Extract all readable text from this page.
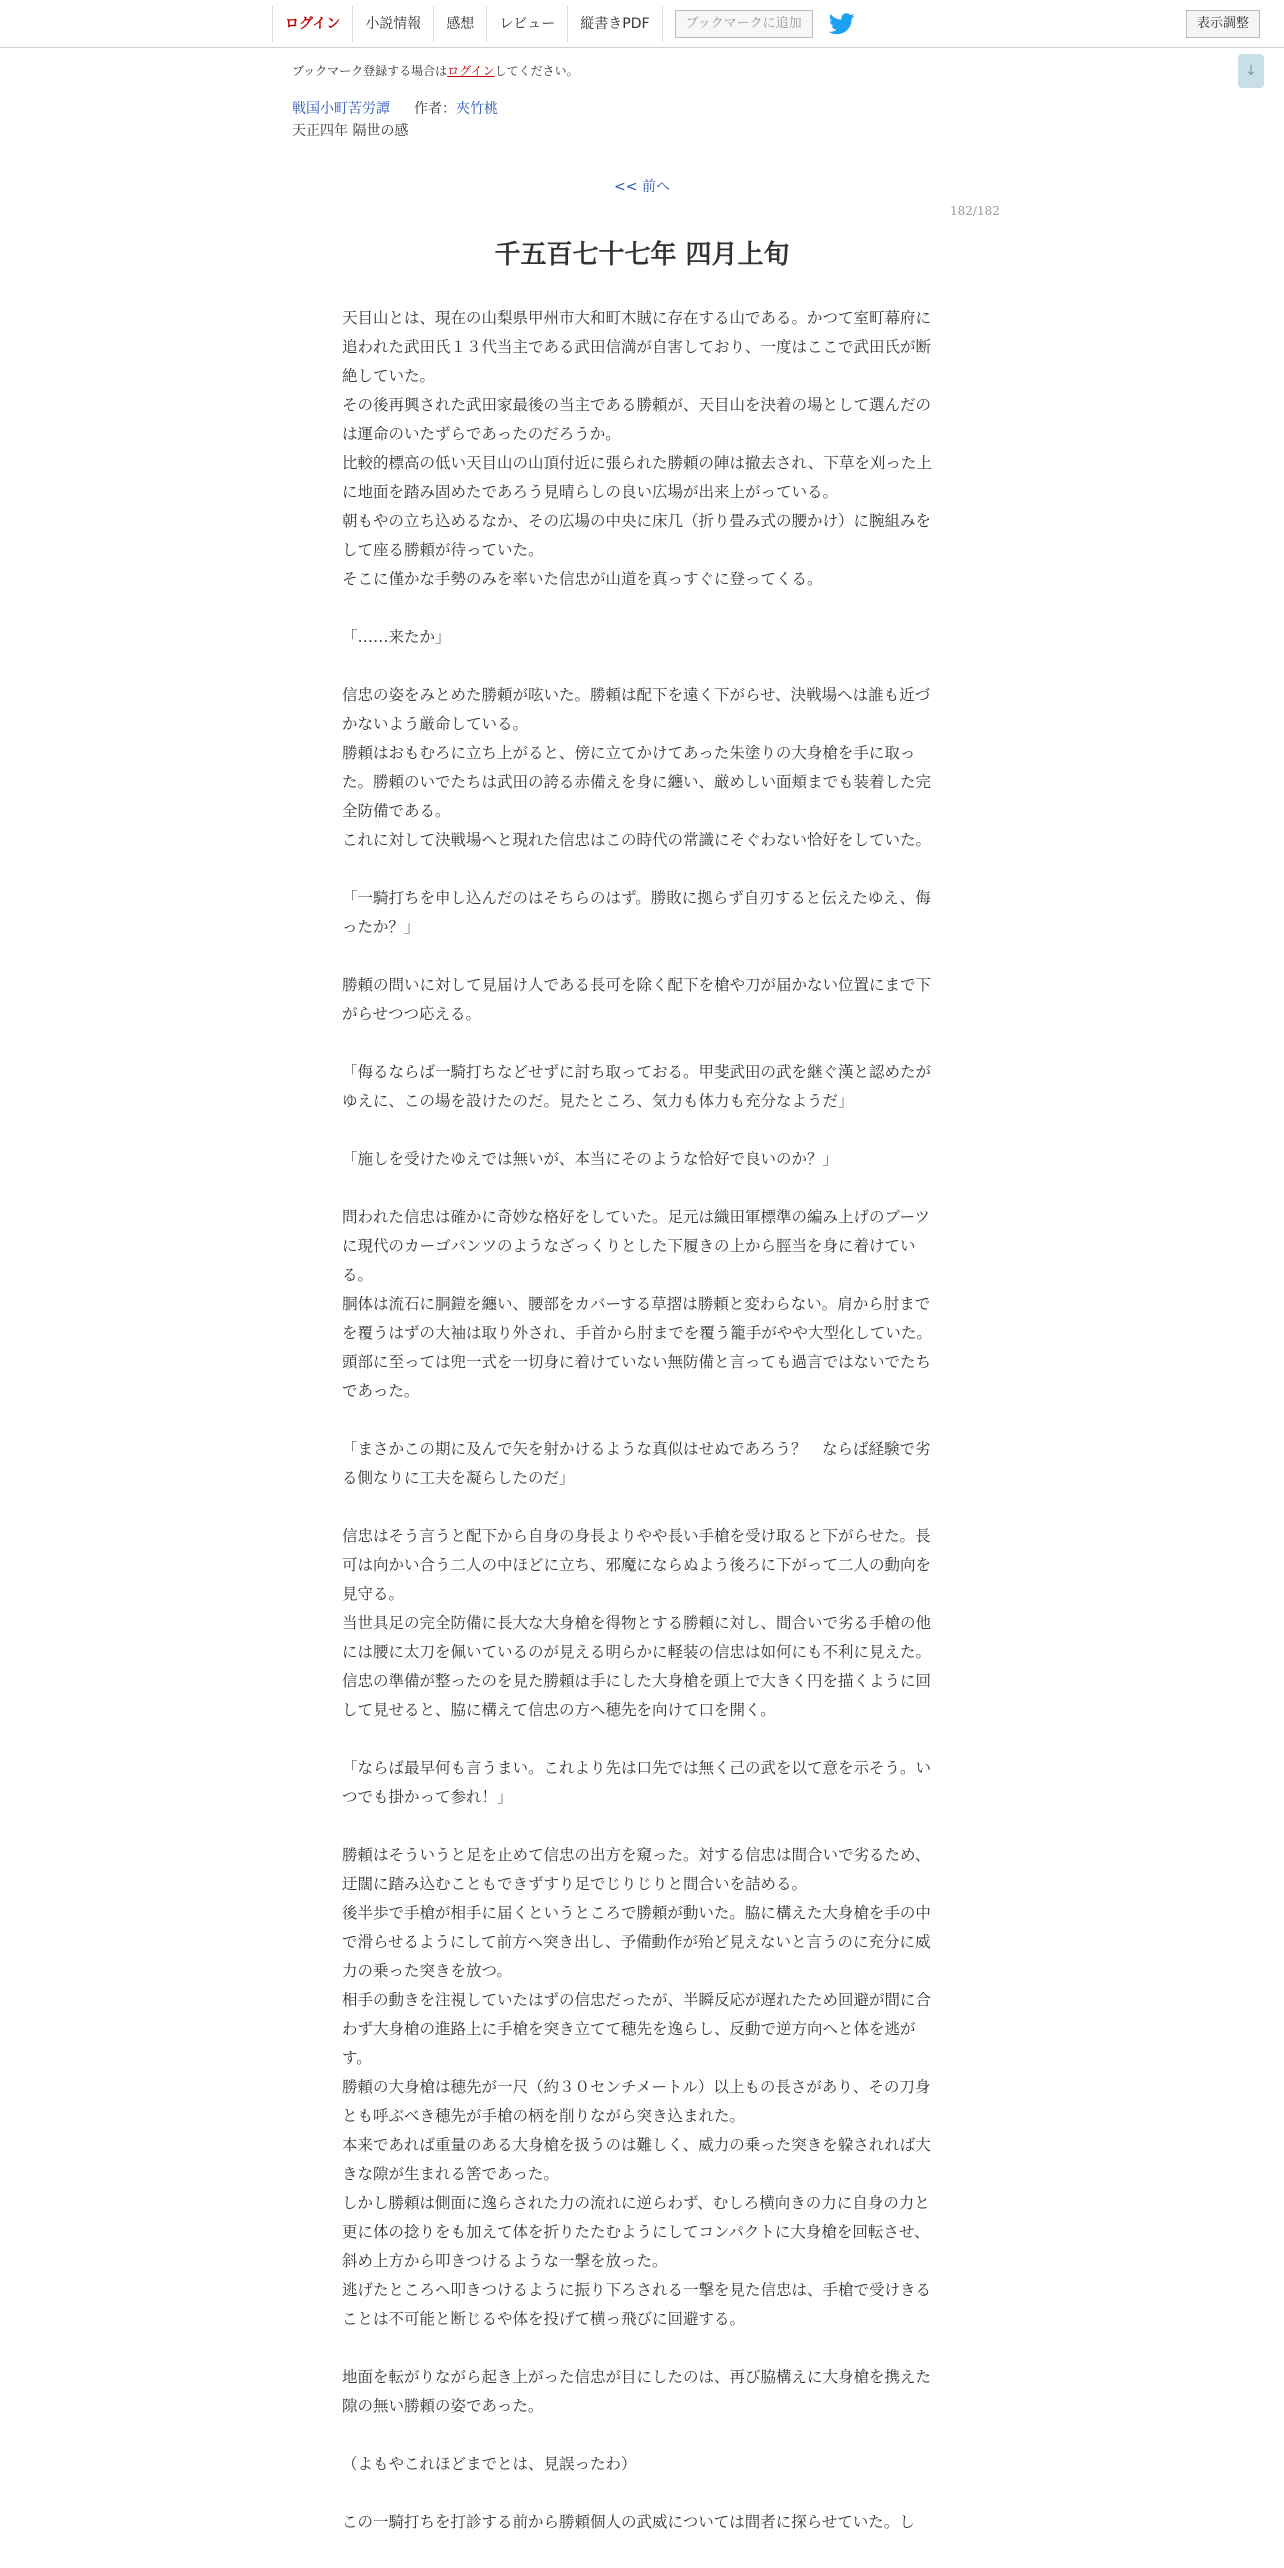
ログイン	小説情報	感想	レビュー	縦書きPDF	ブックマークに追加	表示調整
↓
ブックマーク登録する場合はログインしてください。
戦国小町苦労譚 作者：夾竹桃
天正四年 隔世の感
<< 前へ
182/182
千五百七十七年 四月上旬

天目山とは、現在の山梨県甲州市大和町木賊に存在する山である。かつて室町幕府に追われた武田氏１３代当主である武田信満が自害しており、一度はここで武田氏が断絶していた。

その後再興された武田家最後の当主である勝頼が、天目山を決着の場として選んだのは運命のいたずらであったのだろうか。

比較的標高の低い天目山の山頂付近に張られた勝頼の陣は撤去され、下草を刈った上に地面を踏み固めたであろう見晴らしの良い広場が出来上がっている。

朝もやの立ち込めるなか、その広場の中央に床几（折り畳み式の腰かけ）に腕組みをして座る勝頼が待っていた。

そこに僅かな手勢のみを率いた信忠が山道を真っすぐに登ってくる。

「……来たか」

信忠の姿をみとめた勝頼が呟いた。勝頼は配下を遠く下がらせ、決戦場へは誰も近づかないよう厳命している。

勝頼はおもむろに立ち上がると、傍に立てかけてあった朱塗りの大身槍を手に取った。勝頼のいでたちは武田の誇る赤備えを身に纏い、厳めしい面頬までも装着した完全防備である。

これに対して決戦場へと現れた信忠はこの時代の常識にそぐわない恰好をしていた。

「一騎打ちを申し込んだのはそちらのはず。勝敗に拠らず自刃すると伝えたゆえ、侮ったか？」

勝頼の問いに対して見届け人である長可を除く配下を槍や刀が届かない位置にまで下がらせつつ応える。

「侮るならば一騎打ちなどせずに討ち取っておる。甲斐武田の武を継ぐ漢と認めたがゆえに、この場を設けたのだ。見たところ、気力も体力も充分なようだ」

「施しを受けたゆえでは無いが、本当にそのような恰好で良いのか？」

問われた信忠は確かに奇妙な格好をしていた。足元は織田軍標準の編み上げのブーツに現代のカーゴパンツのようなざっくりとした下履きの上から脛当を身に着けている。

胴体は流石に胴鎧を纏い、腰部をカバーする草摺は勝頼と変わらない。肩から肘までを覆うはずの大袖は取り外され、手首から肘までを覆う籠手がやや大型化していた。

頭部に至っては兜一式を一切身に着けていない無防備と言っても過言ではないでたちであった。

「まさかこの期に及んで矢を射かけるような真似はせぬであろう？　ならば経験で劣る側なりに工夫を凝らしたのだ」

信忠はそう言うと配下から自身の身長よりやや長い手槍を受け取ると下がらせた。長可は向かい合う二人の中ほどに立ち、邪魔にならぬよう後ろに下がって二人の動向を見守る。

当世具足の完全防備に長大な大身槍を得物とする勝頼に対し、間合いで劣る手槍の他には腰に太刀を佩いているのが見える明らかに軽装の信忠は如何にも不利に見えた。

信忠の準備が整ったのを見た勝頼は手にした大身槍を頭上で大きく円を描くように回して見せると、脇に構えて信忠の方へ穂先を向けて口を開く。

「ならば最早何も言うまい。これより先は口先では無く己の武を以て意を示そう。いつでも掛かって参れ！」

勝頼はそういうと足を止めて信忠の出方を窺った。対する信忠は間合いで劣るため、迂闊に踏み込むこともできずすり足でじりじりと間合いを詰める。

後半歩で手槍が相手に届くというところで勝頼が動いた。脇に構えた大身槍を手の中で滑らせるようにして前方へ突き出し、予備動作が殆ど見えないと言うのに充分に威力の乗った突きを放つ。

相手の動きを注視していたはずの信忠だったが、半瞬反応が遅れたため回避が間に合わず大身槍の進路上に手槍を突き立てて穂先を逸らし、反動で逆方向へと体を逃がす。

勝頼の大身槍は穂先が一尺（約３０センチメートル）以上もの長さがあり、その刀身とも呼ぶべき穂先が手槍の柄を削りながら突き込まれた。

本来であれば重量のある大身槍を扱うのは難しく、威力の乗った突きを躱されれば大きな隙が生まれる筈であった。

しかし勝頼は側面に逸らされた力の流れに逆らわず、むしろ横向きの力に自身の力と更に体の捻りをも加えて体を折りたたむようにしてコンパクトに大身槍を回転させ、斜め上方から叩きつけるような一撃を放った。

逃げたところへ叩きつけるように振り下ろされる一撃を見た信忠は、手槍で受けきることは不可能と断じるや体を投げて横っ飛びに回避する。

地面を転がりながら起き上がった信忠が目にしたのは、再び脇構えに大身槍を携えた隙の無い勝頼の姿であった。

（よもやこれほどまでとは、見誤ったわ）

この一騎打ちを打診する前から勝頼個人の武威については間者に探らせていた。し
